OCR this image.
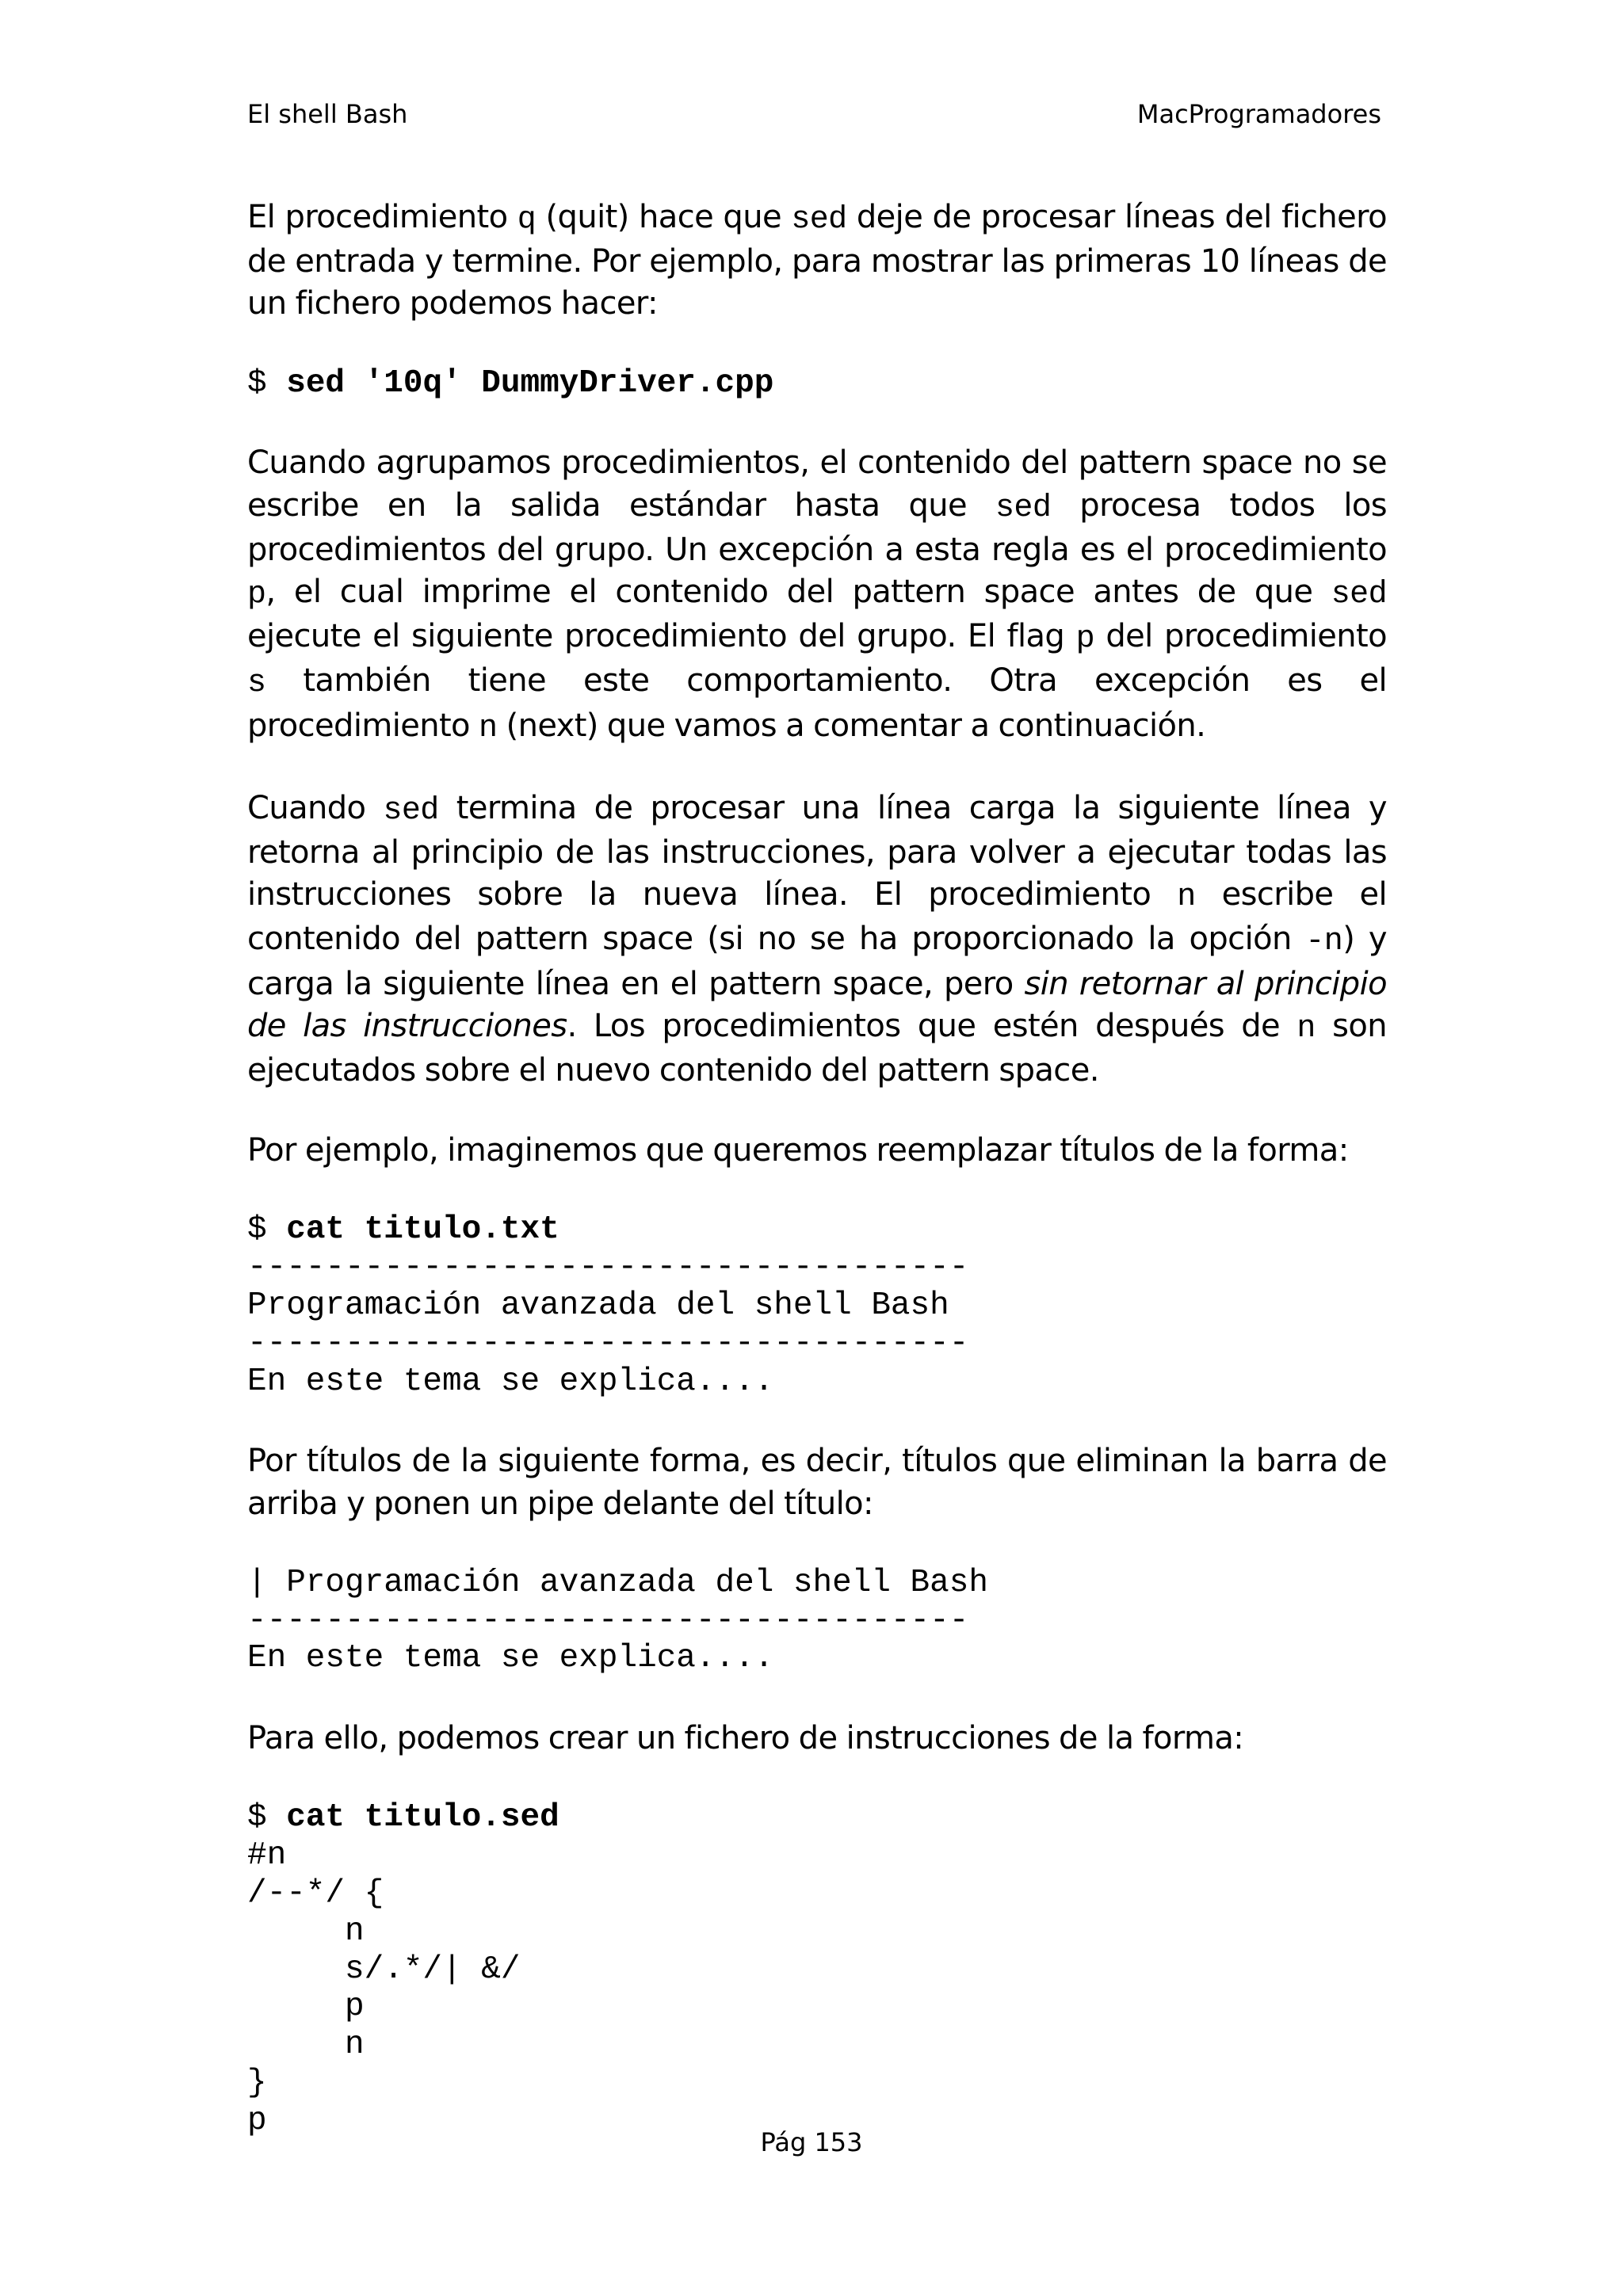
El shell Bash	MacProgramadores

El procedimiento q (quit) hace que sed deje de procesar líneas del fichero de entrada y termine. Por ejemplo, para mostrar las primeras 10 líneas de un fichero podemos hacer:

$ sed '10q' DummyDriver.cpp

Cuando agrupamos procedimientos, el contenido del pattern space no se escribe en la salida estándar hasta que sed procesa todos los procedimientos del grupo. Un excepción a esta regla es el procedimiento p, el cual imprime el contenido del pattern space antes de que sed ejecute el siguiente procedimiento del grupo. El flag p del procedimiento s también tiene este comportamiento. Otra excepción es el procedimiento n (next) que vamos a comentar a continuación.

Cuando sed termina de procesar una línea carga la siguiente línea y retorna al principio de las instrucciones, para volver a ejecutar todas las instrucciones sobre la nueva línea. El procedimiento n escribe el contenido del pattern space (si no se ha proporcionado la opción -n) y carga la siguiente línea en el pattern space, pero sin retornar al principio de las instrucciones. Los procedimientos que estén después de n son ejecutados sobre el nuevo contenido del pattern space.

Por ejemplo, imaginemos que queremos reemplazar títulos de la forma:

$ cat titulo.txt
-------------------------------------
Programación avanzada del shell Bash
-------------------------------------
En este tema se explica....

Por títulos de la siguiente forma, es decir, títulos que eliminan la barra de arriba y ponen un pipe delante del título:

| Programación avanzada del shell Bash
-------------------------------------
En este tema se explica....

Para ello, podemos crear un fichero de instrucciones de la forma:

$ cat titulo.sed
#n
/--*/ {
n
s/.*/| &/
p
n
}
p
Pág 153
